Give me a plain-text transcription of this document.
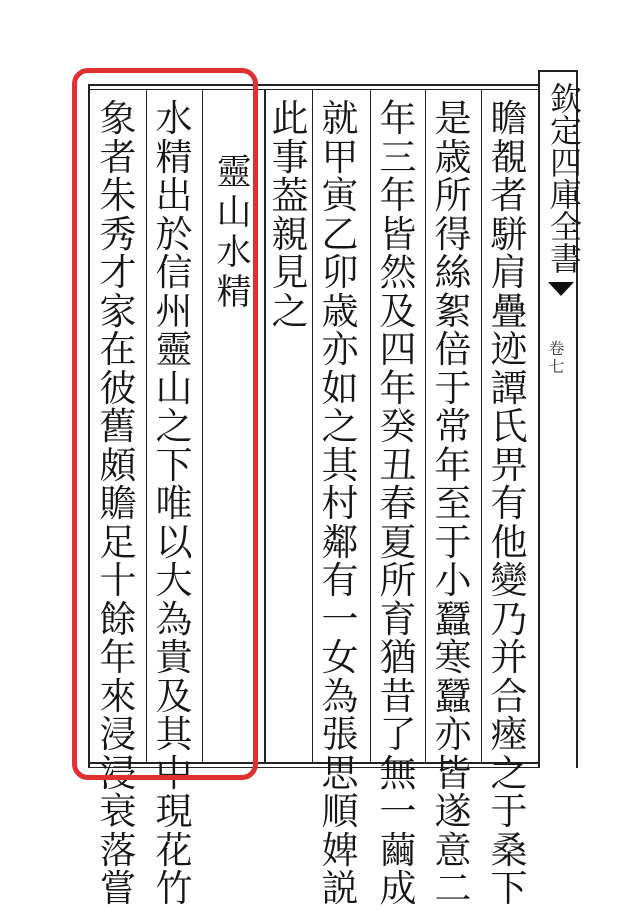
欽定四庫全書
卷七
瞻
覩
者
駢
肩
疊
迹
譚
氏
畀
有
他
變
乃
并
合
瘞
之
于
桑
下
是
歳
所
得
絲
絮
倍
于
常
年
至
于
小
蠶
寒
蠶
亦
皆
遂
意
二
年
三
年
皆
然
及
四
年
癸
丑
春
夏
所
育
猶
昔
了
無
一
繭
成
就
甲
寅
乙
卯
歳
亦
如
之
其
村
鄰
有
一
女
為
張
思
順
婢
説
此
事
葢
親
見
之
靈
山
水
精
水
精
出
於
信
州
靈
山
之
下
唯
以
大
為
貴
及
其
中
現
花
竹
象
者
朱
秀
才
家
在
彼
舊
頗
贍
足
十
餘
年
來
浸
浸
衰
落
嘗
